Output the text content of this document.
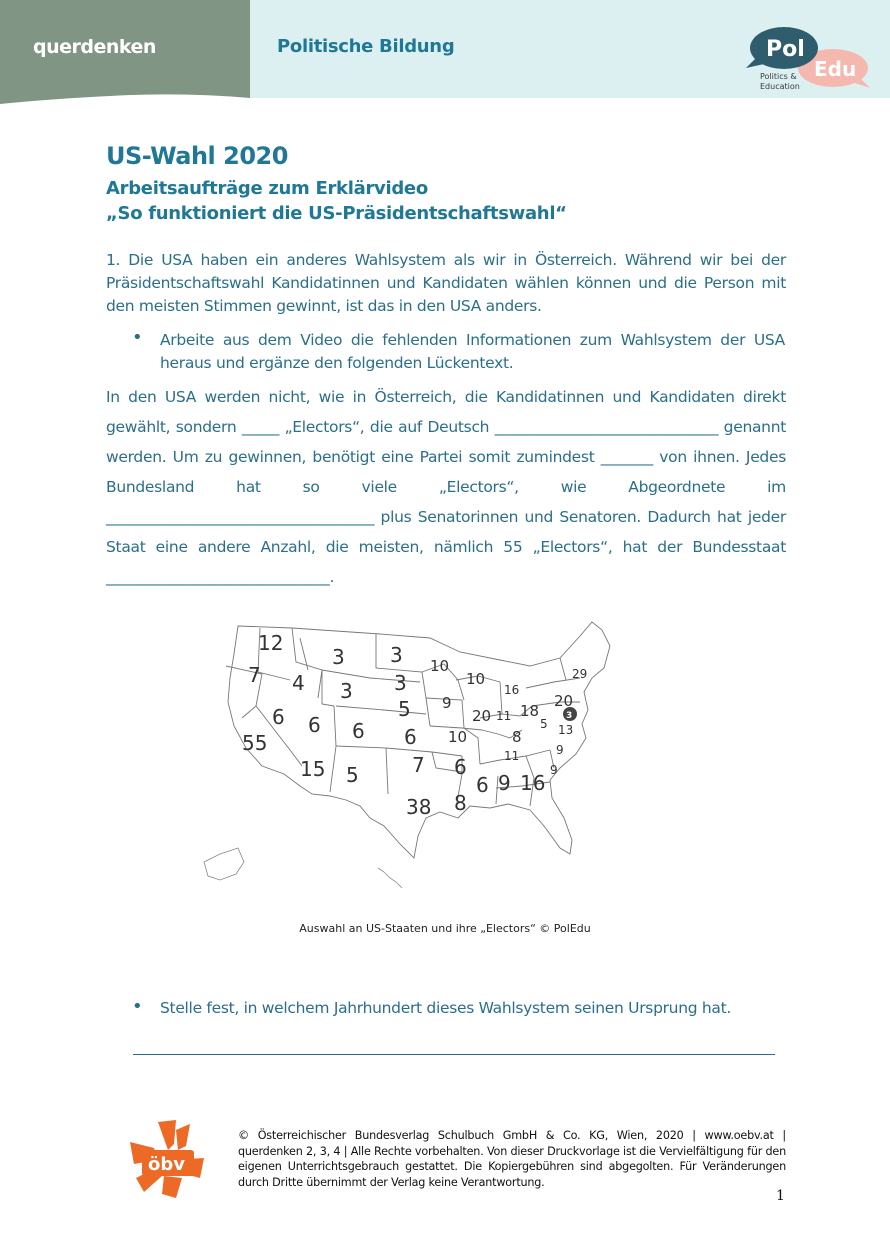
querdenken	Politische Bildung	Pol
Edu
Politics &
Education
US-Wahl 2020
Arbeitsaufträge zum Erklärvideo
„So funktioniert die US-Präsidentschaftswahl“

1. Die USA haben ein anderes Wahlsystem als wir in Österreich. Während wir bei der Präsidentschaftswahl Kandidatinnen und Kandidaten wählen können und die Person mit den meisten Stimmen gewinnt, ist das in den USA anders.

• Arbeite aus dem Video die fehlenden Informationen zum Wahlsystem der USA heraus und ergänze den folgenden Lückentext.
In den USA werden nicht, wie in Österreich, die Kandidatinnen und Kandidaten direkt gewählt, sondern _____ „Electors“, die auf Deutsch ______________________________ genannt werden. Um zu gewinnen, benötigt eine Partei somit zumindest _______ von ihnen. Jedes Bundesland hat so viele „Electors“, wie Abgeordnete im ____________________________________ plus Senatorinnen und Senatoren. Dadurch hat jeder Staat eine andere Anzahl, die meisten, nämlich 55 „Electors“, hat der Bundesstaat ______________________________.
3
12
7 4
3 3
3 3
6
55
6 6
5
6
15 5	7 6
38 8
6 9 16
10
10
20
9
20 18
8
10
16
29
11
5 13
11	9
9
Auswahl an US-Staaten und ihre „Electors“ © PolEdu
• Stelle fest, in welchem Jahrhundert dieses Wahlsystem seinen Ursprung hat.
öbv
© Österreichischer Bundesverlag Schulbuch GmbH & Co. KG, Wien, 2020 | www.oebv.at | querdenken 2, 3, 4 | Alle Rechte vorbehalten. Von dieser Druckvorlage ist die Vervielfältigung für den eigenen Unterrichtsgebrauch gestattet. Die Kopiergebühren sind abgegolten. Für Veränderungen durch Dritte übernimmt der Verlag keine Verantwortung.
1
